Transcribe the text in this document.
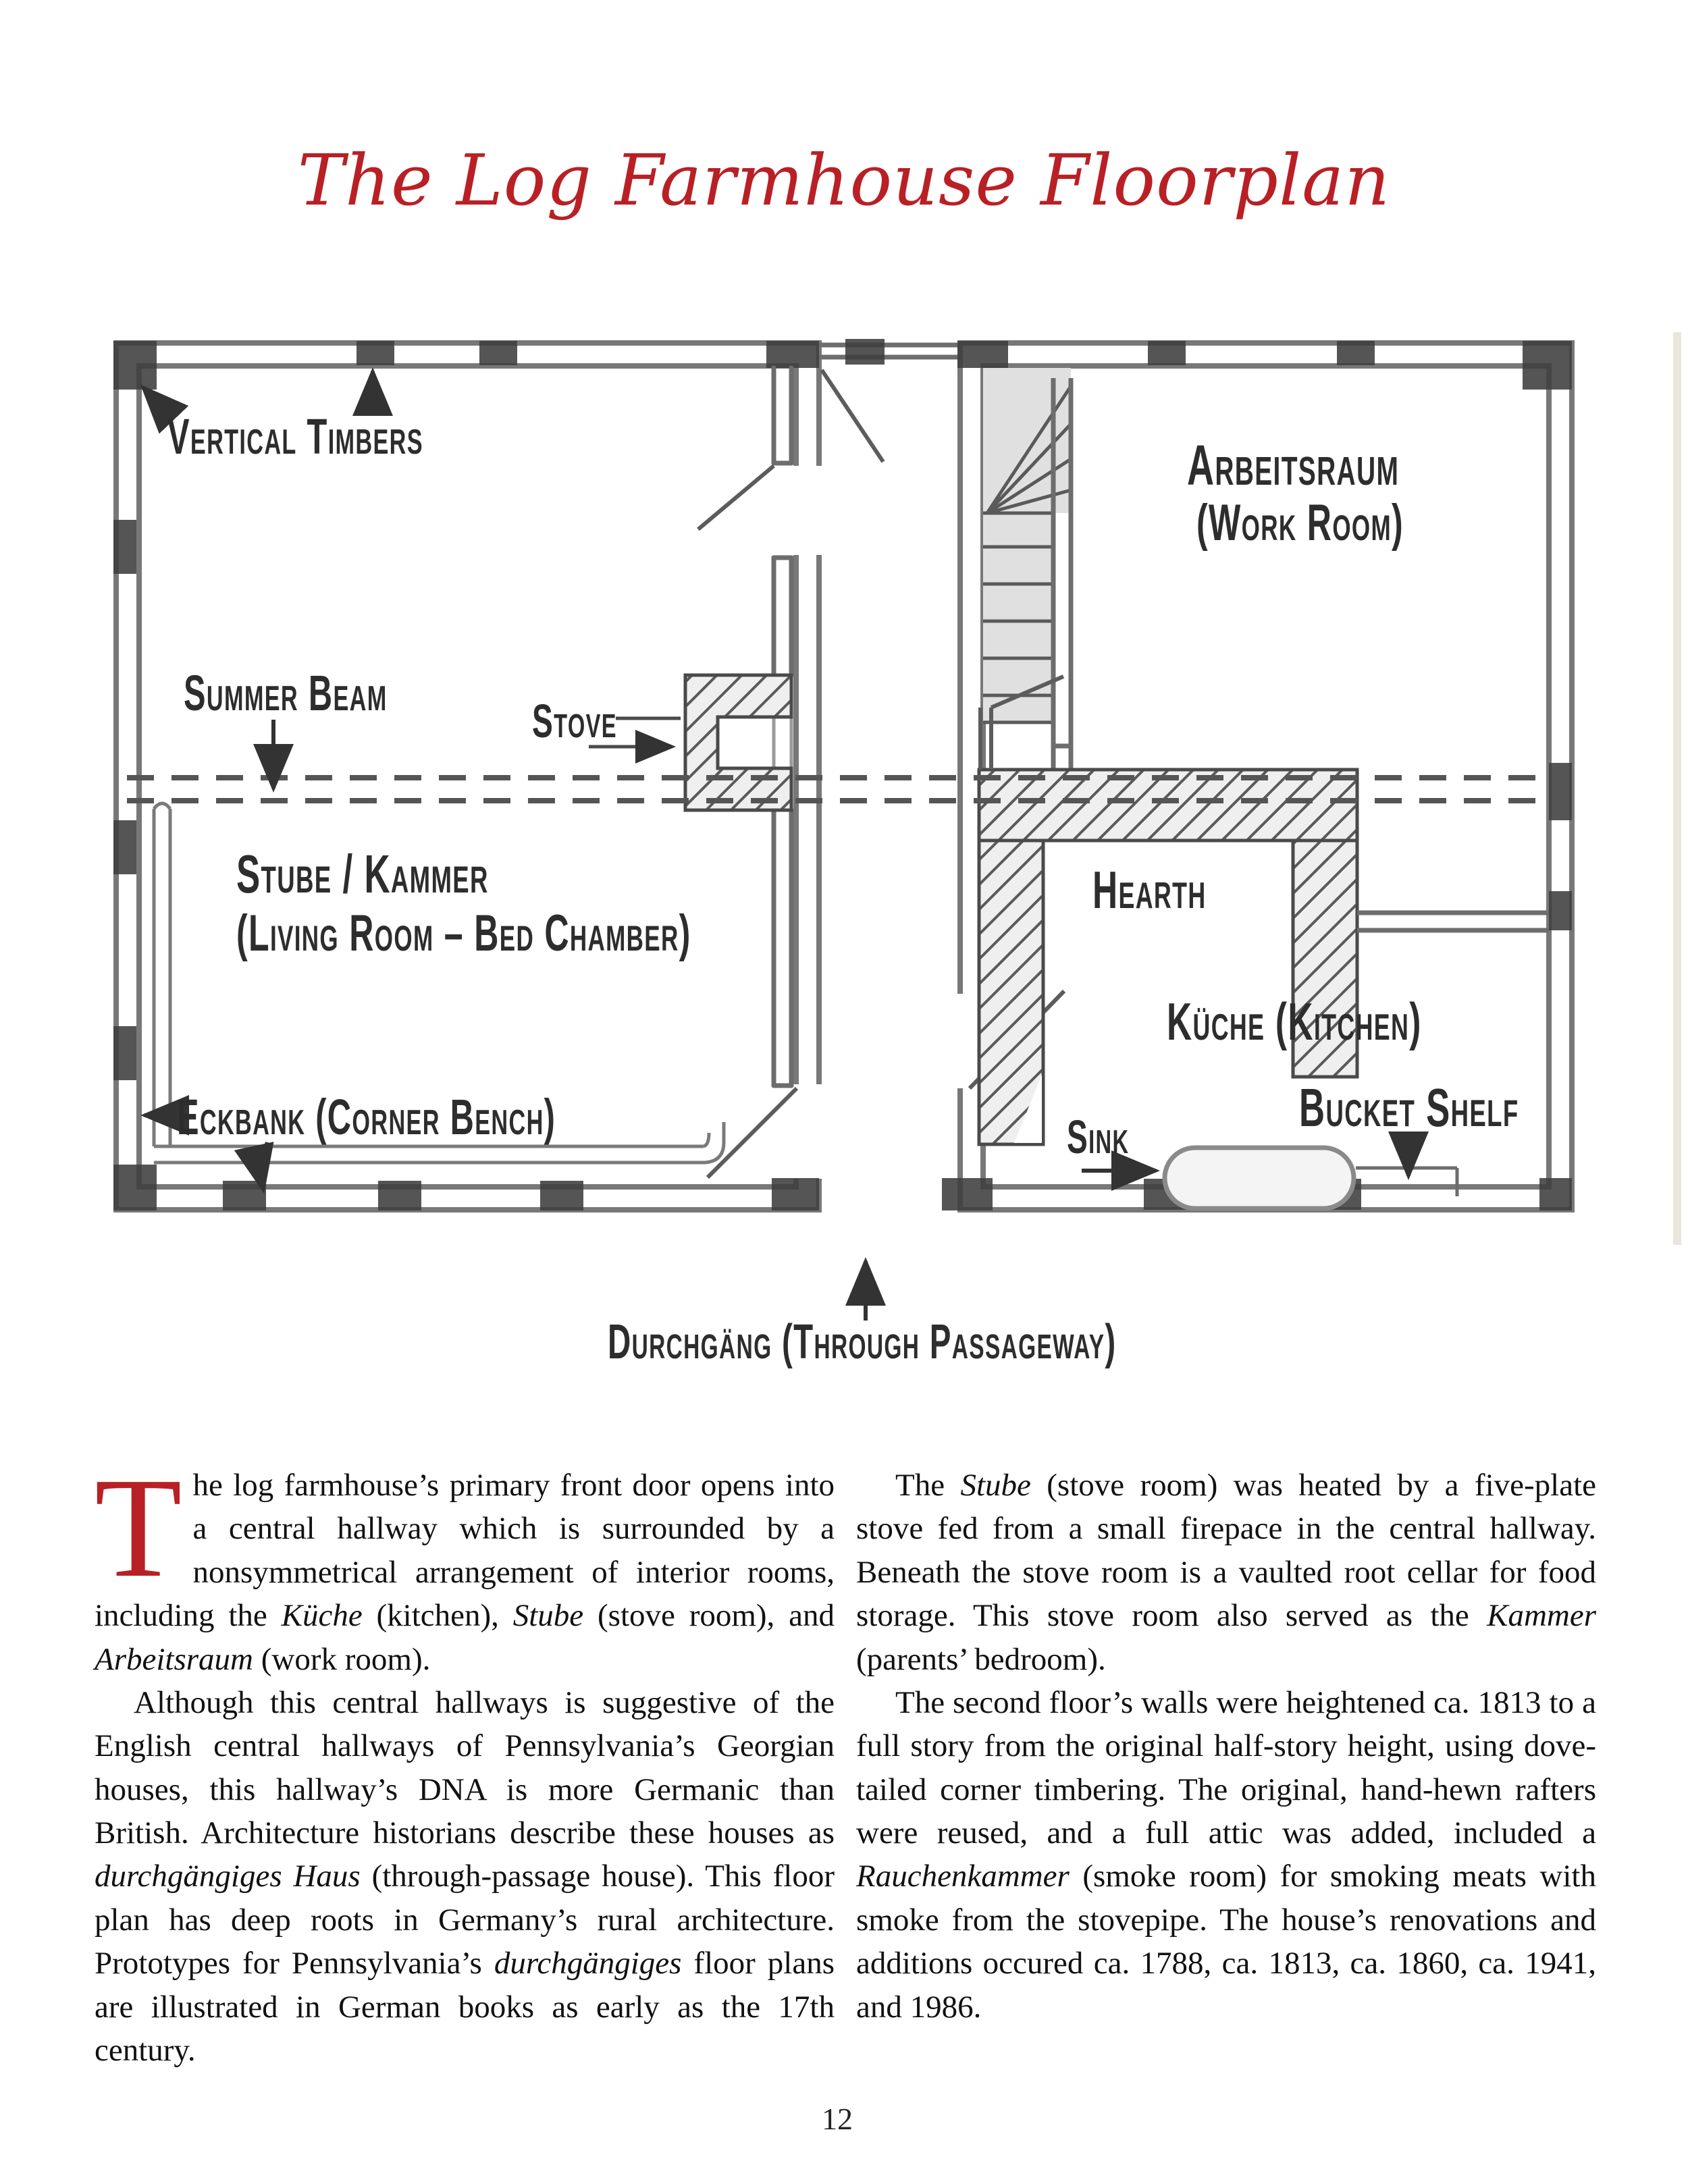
The Log Farmhouse Floorplan
Vertical Timbers
Summer Beam	Stove
Stube / Kammer
(Living Room – Bed Chamber)
Eckbank (Corner Bench)
Arbeitsraum
(Work Room)
Hearth
Küche (Kitchen)
Sink	Bucket Shelf
Durchgäng (Through Passageway)

The log farmhouse’s primary front door opens into a central hallway which is surrounded by a nonsymmetrical arrangement of interior rooms, including the Küche (kitchen), Stube (stove room), and Arbeitsraum (work room).

Although this central hallways is suggestive of the English central hallways of Pennsylvania’s Georgian houses, this hallway’s DNA is more Germanic than British. Architecture historians describe these houses as durchgängiges Haus (through-passage house). This floor plan has deep roots in Germany’s rural architecture. Prototypes for Pennsylvania’s durchgängiges floor plans are illustrated in German books as early as the 17th century.

The Stube (stove room) was heated by a five-plate stove fed from a small firepace in the central hallway. Beneath the stove room is a vaulted root cellar for food storage. This stove room also served as the Kammer (parents’ bedroom).

The second floor’s walls were heightened ca. 1813 to a full story from the original half-story height, using dove-tailed corner timbering. The original, hand-hewn rafters were reused, and a full attic was added, included a Rauchenkammer (smoke room) for smoking meats with smoke from the stovepipe. The house’s renovations and additions occured ca. 1788, ca. 1813, ca. 1860, ca. 1941, and 1986.

12
